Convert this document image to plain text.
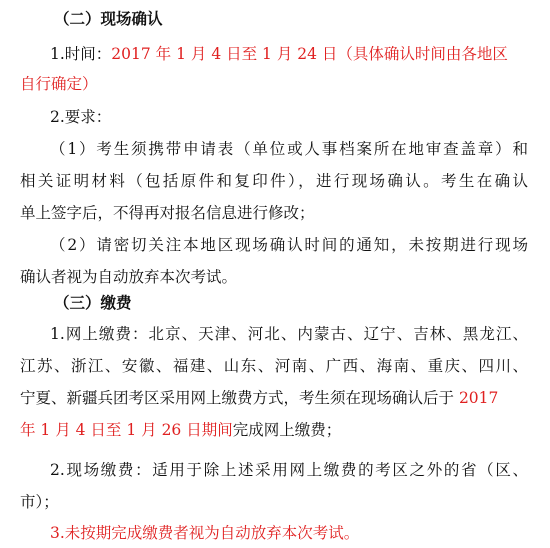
（二）现场确认
1.时间：2017 年 1 月 4 日至 1 月 24 日（具体确认时间由各地区
自行确定）
2.要求：
（1）考生须携带申请表（单位或人事档案所在地审查盖章）和
相关证明材料（包括原件和复印件），进行现场确认。考生在确认
单上签字后，不得再对报名信息进行修改；
（2）请密切关注本地区现场确认时间的通知，未按期进行现场
确认者视为自动放弃本次考试。
（三）缴费
1.网上缴费：北京、天津、河北、内蒙古、辽宁、吉林、黑龙江、
江苏、浙江、安徽、福建、山东、河南、广西、海南、重庆、四川、
宁夏、新疆兵团考区采用网上缴费方式，考生须在现场确认后于 2017
年 1 月 4 日至 1 月 26 日期间完成网上缴费；
2.现场缴费：适用于除上述采用网上缴费的考区之外的省（区、
市）；
3.未按期完成缴费者视为自动放弃本次考试。
